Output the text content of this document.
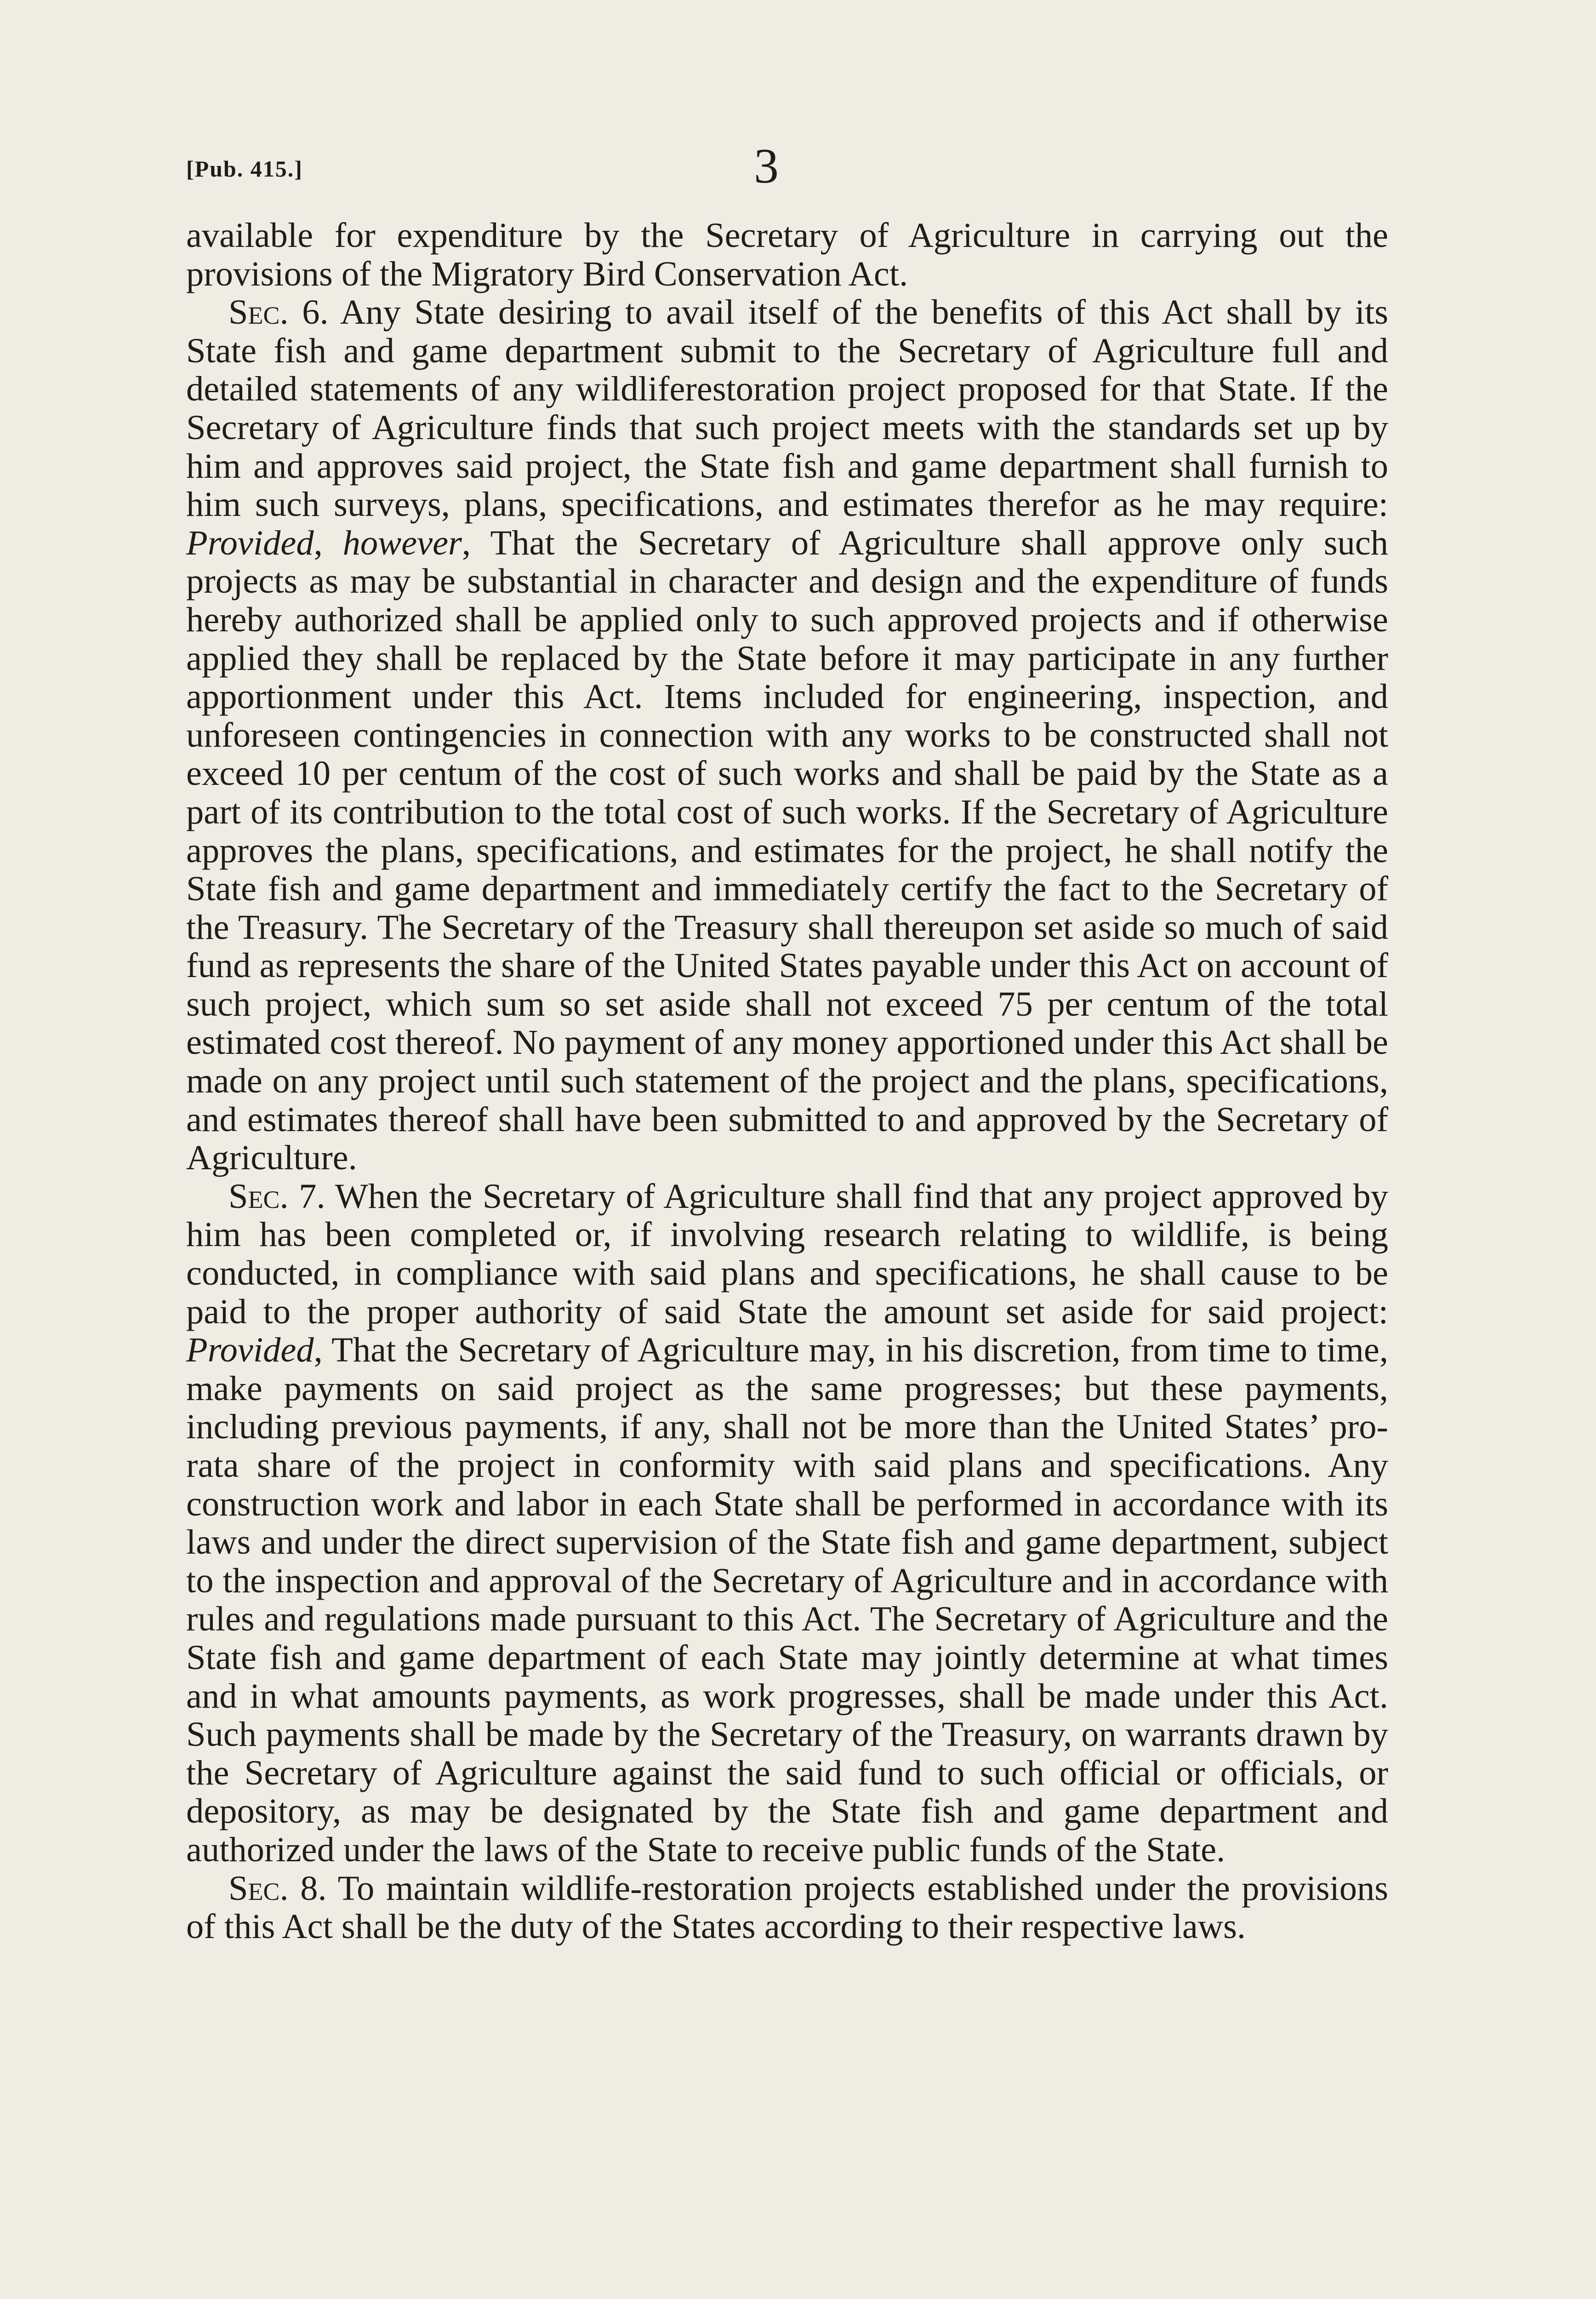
[Pub. 415.]	3

available for expenditure by the Secretary of Agriculture in carrying out the provisions of the Migratory Bird Conservation Act.

Sec. 6. Any State desiring to avail itself of the benefits of this Act shall by its State fish and game department submit to the Secretary of Agriculture full and detailed statements of any wildliferestoration project proposed for that State. If the Secretary of Agriculture finds that such project meets with the standards set up by him and approves said project, the State fish and game department shall furnish to him such surveys, plans, specifications, and estimates therefor as he may require: Provided, however, That the Secretary of Agriculture shall approve only such projects as may be substantial in character and design and the expenditure of funds hereby authorized shall be applied only to such approved projects and if otherwise applied they shall be replaced by the State before it may participate in any further apportionment under this Act. Items included for engineering, inspection, and unforeseen contingencies in connection with any works to be constructed shall not exceed 10 per centum of the cost of such works and shall be paid by the State as a part of its contribution to the total cost of such works. If the Secretary of Agriculture approves the plans, specifications, and estimates for the project, he shall notify the State fish and game department and immediately certify the fact to the Secretary of the Treasury. The Secretary of the Treasury shall thereupon set aside so much of said fund as represents the share of the United States payable under this Act on account of such project, which sum so set aside shall not exceed 75 per centum of the total estimated cost thereof. No payment of any money apportioned under this Act shall be made on any project until such statement of the project and the plans, specifications, and estimates thereof shall have been submitted to and approved by the Secretary of Agriculture.

Sec. 7. When the Secretary of Agriculture shall find that any project approved by him has been completed or, if involving research relating to wildlife, is being conducted, in compliance with said plans and specifications, he shall cause to be paid to the proper authority of said State the amount set aside for said project: Provided, That the Secretary of Agriculture may, in his discretion, from time to time, make payments on said project as the same progresses; but these payments, including previous payments, if any, shall not be more than the United States’ pro-rata share of the project in conformity with said plans and specifications. Any construction work and labor in each State shall be performed in accordance with its laws and under the direct supervision of the State fish and game department, subject to the inspection and approval of the Secretary of Agriculture and in accordance with rules and regulations made pursuant to this Act. The Secretary of Agriculture and the State fish and game department of each State may jointly determine at what times and in what amounts payments, as work progresses, shall be made under this Act. Such payments shall be made by the Secretary of the Treasury, on warrants drawn by the Secretary of Agriculture against the said fund to such official or officials, or depository, as may be designated by the State fish and game department and authorized under the laws of the State to receive public funds of the State.

Sec. 8. To maintain wildlife-restoration projects established under the provisions of this Act shall be the duty of the States according to their respective laws.
